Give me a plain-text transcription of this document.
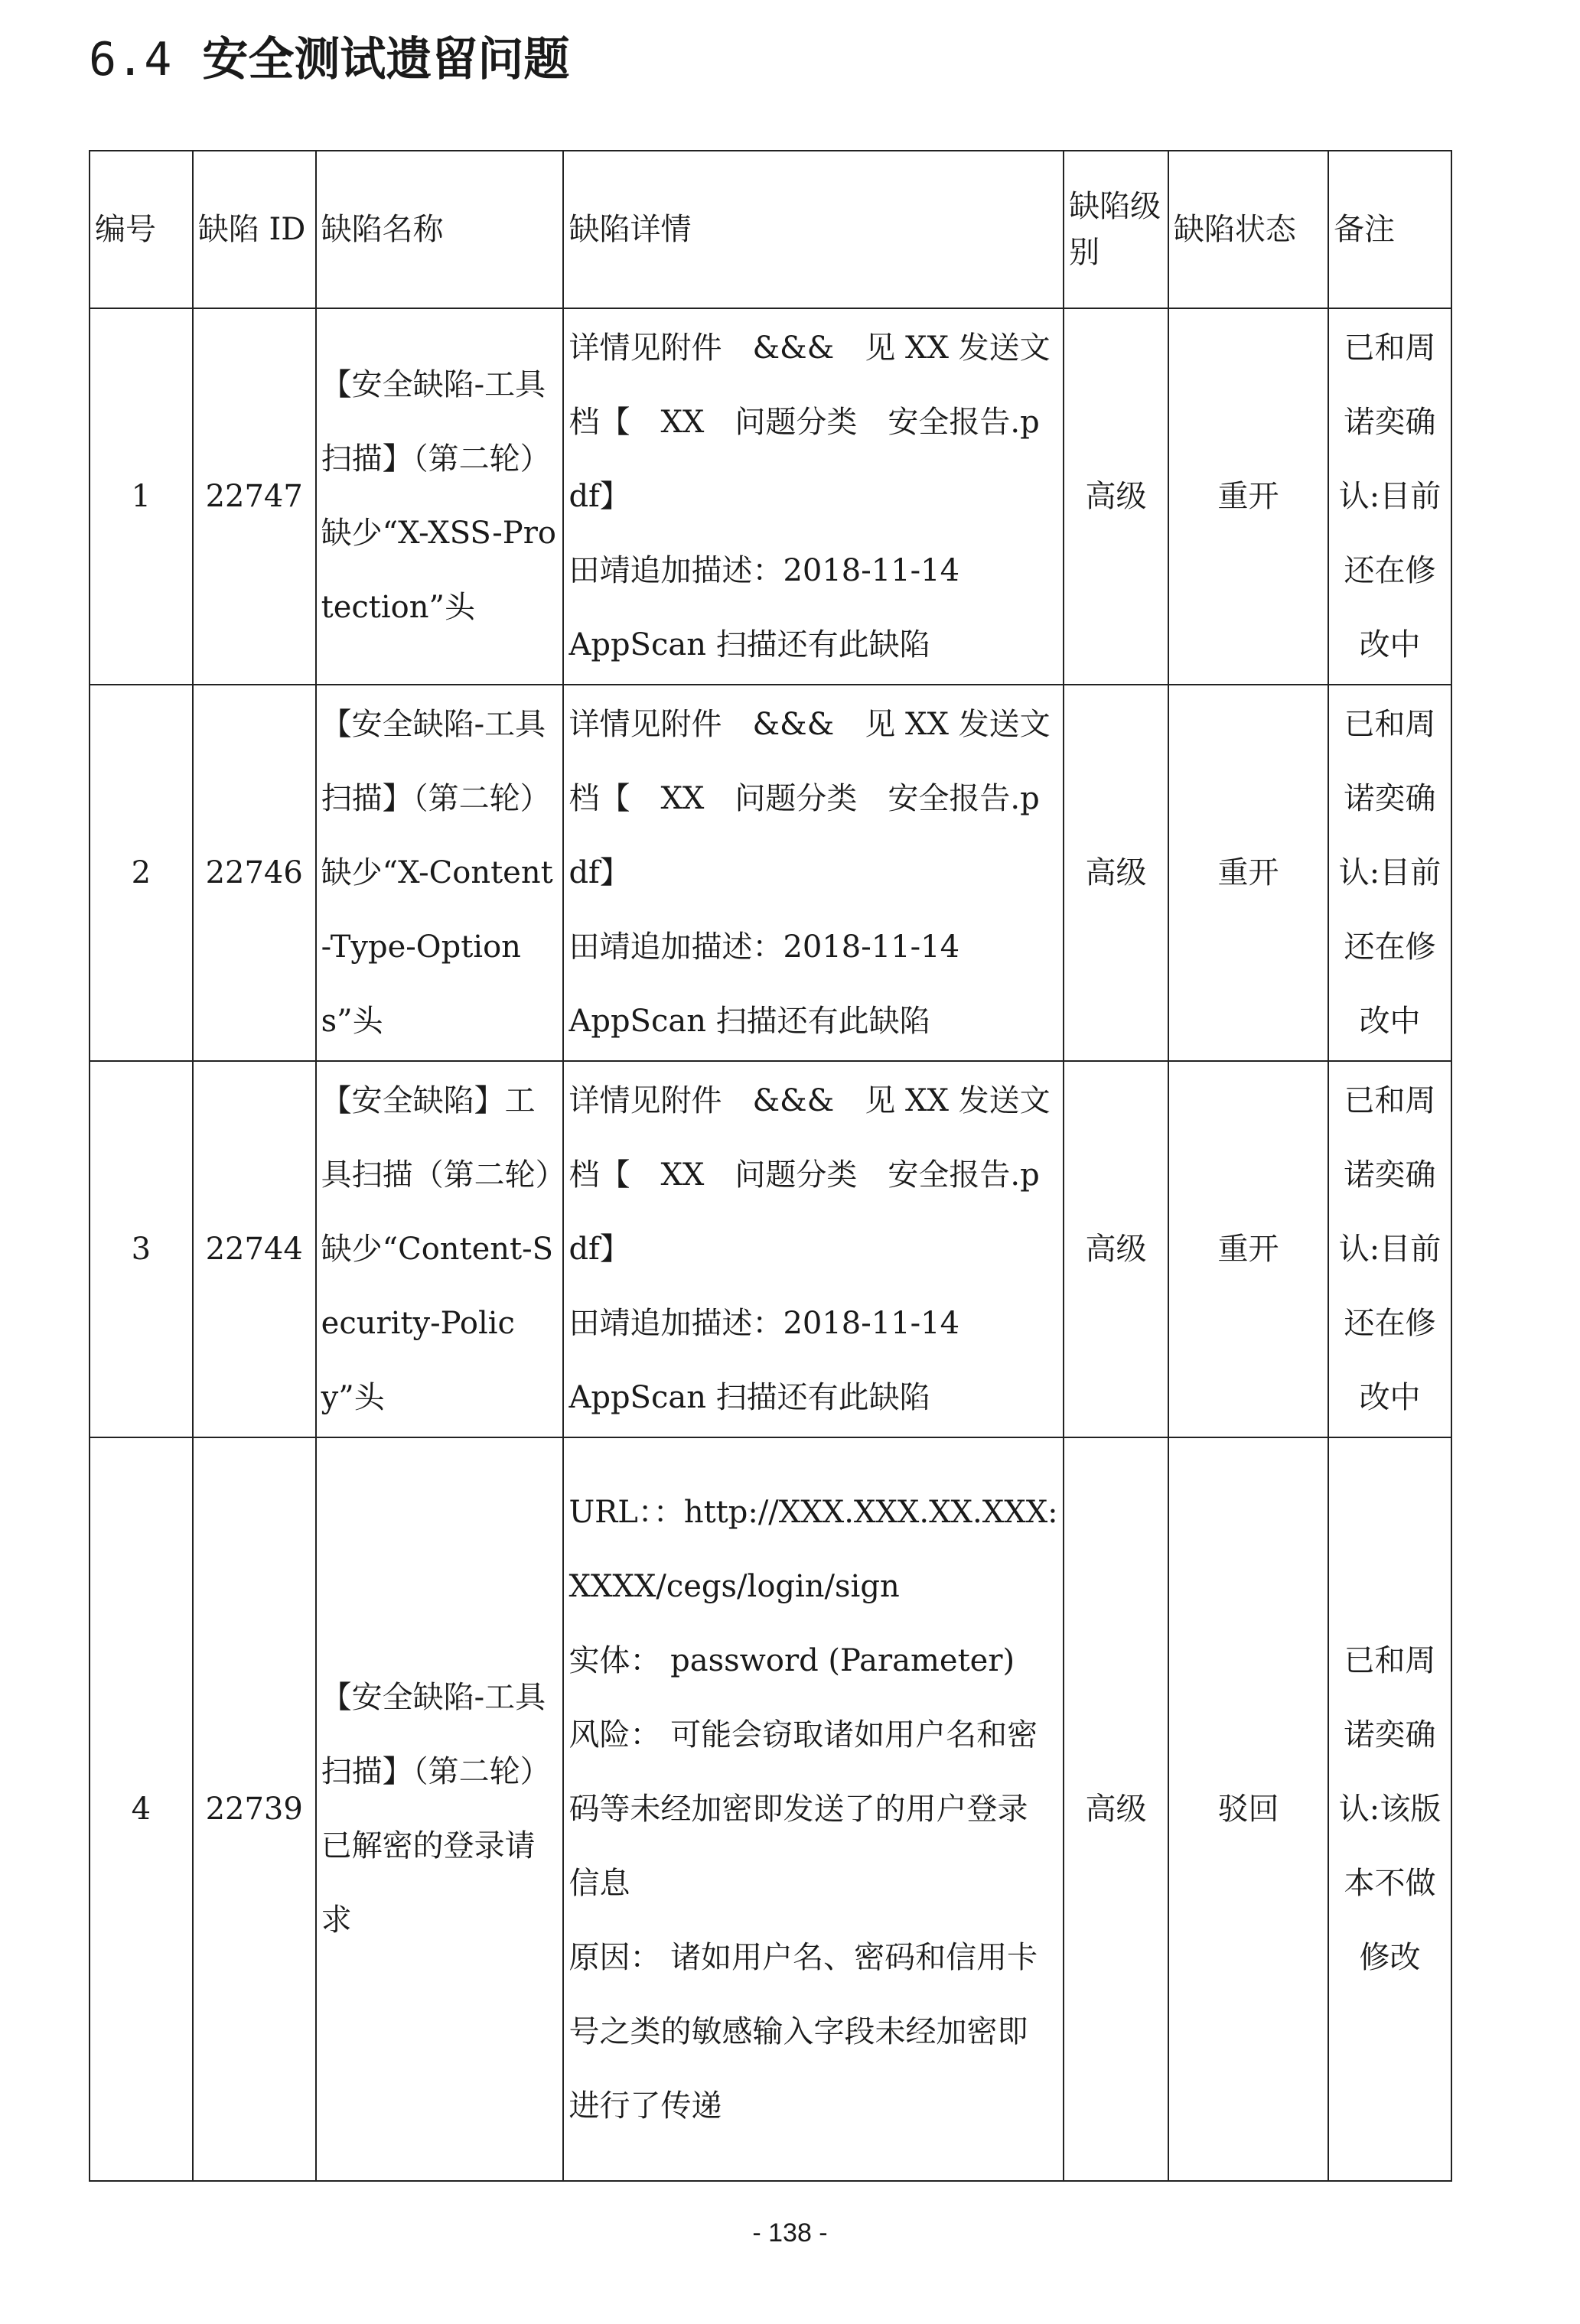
6.4 安全测试遗留问题
编号	缺陷 ID	缺陷名称	缺陷详情	缺陷级别	缺陷状态	备注
1	22747	【安全缺陷-工具扫描】（第二轮）缺少“X-XSS-Protection”头	详情见附件　&&&　见 XX 发送文档【　XX　问题分类　安全报告.pdf】
田靖追加描述：2018-11-14
AppScan 扫描还有此缺陷	高级	重开	已和周诺奕确认:目前还在修改中
2	22746	【安全缺陷-工具扫描】（第二轮）缺少“X-Content-Type-Options”头	详情见附件　&&&　见 XX 发送文档【　XX　问题分类　安全报告.pdf】
田靖追加描述：2018-11-14
AppScan 扫描还有此缺陷	高级	重开	已和周诺奕确认:目前还在修改中
3	22744	【安全缺陷】工具扫描（第二轮）缺少“Content-Security-Policy”头	详情见附件　&&&　见 XX 发送文档【　XX　问题分类　安全报告.pdf】
田靖追加描述：2018-11-14
AppScan 扫描还有此缺陷	高级	重开	已和周诺奕确认:目前还在修改中
4	22739	【安全缺陷-工具扫描】（第二轮）已解密的登录请求	URL：：http://XXX.XXX.XX.XXX:XXXX/cegs/login/sign
实体： password (Parameter)
风险： 可能会窃取诸如用户名和密码等未经加密即发送了的用户登录信息
原因： 诸如用户名、密码和信用卡号之类的敏感输入字段未经加密即进行了传递	高级	驳回	已和周诺奕确认:该版本不做修改
- 138 -
